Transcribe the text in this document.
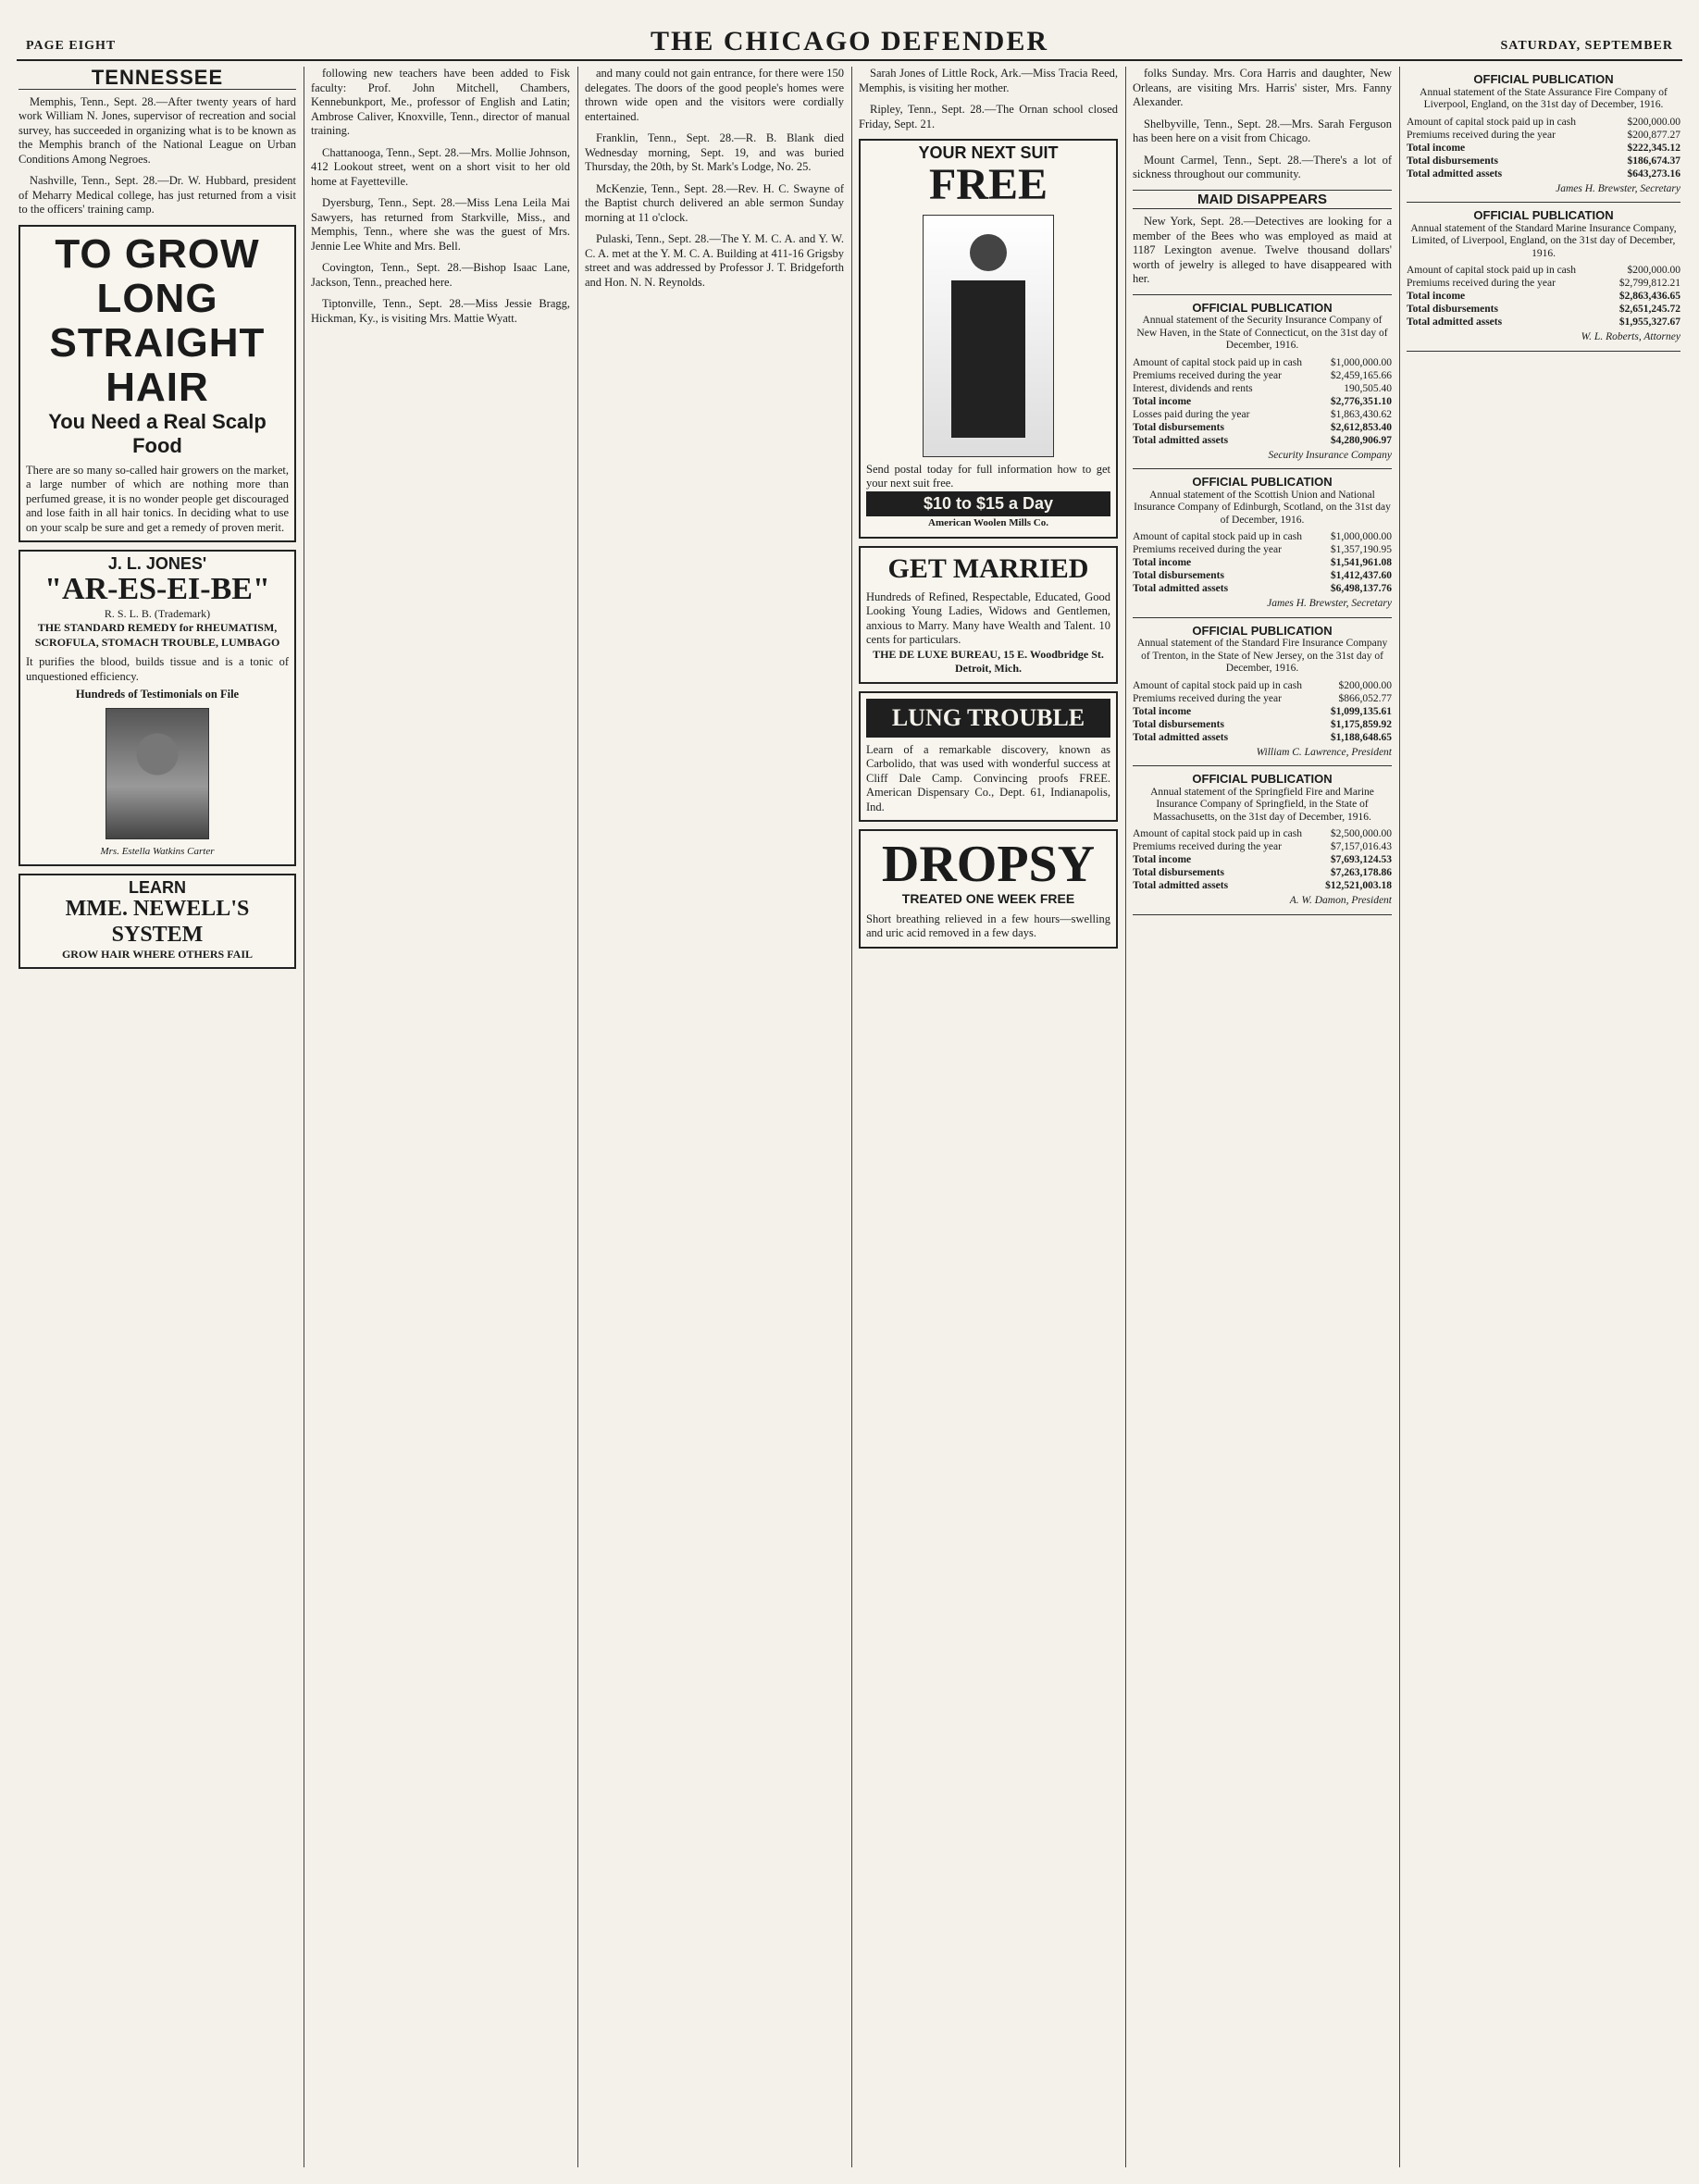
PAGE EIGHT	THE CHICAGO DEFENDER	SATURDAY, SEPTEMBER
TENNESSEE

Memphis, Tenn., Sept. 28.—After twenty years of hard work William N. Jones, supervisor of recreation and social survey, has succeeded in organizing what is to be known as the Memphis branch of the National League on Urban Conditions Among Negroes.

Nashville, Tenn., Sept. 28.—Dr. W. Hubbard, president of Meharry Medical college, has just returned from a visit to the officers' training camp.

TO GROW LONG
STRAIGHT HAIR
You Need a Real Scalp Food
There are so many so-called hair growers on the market, a large number of which are nothing more than perfumed grease, it is no wonder people get discouraged and lose faith in all hair tonics. In deciding what to use on your scalp be sure and get a remedy of proven merit.
J. L. JONES'
"AR-ES-EI-BE"
R. S. L. B. (Trademark)
THE STANDARD REMEDY for RHEUMATISM,
SCROFULA, STOMACH TROUBLE, LUMBAGO
It purifies the blood, builds tissue and is a tonic of unquestioned efficiency.
Hundreds of Testimonials on File
Mrs. Estella Watkins Carter
LEARN
MME. NEWELL'S SYSTEM
GROW HAIR WHERE OTHERS FAIL

following new teachers have been added to Fisk faculty: Prof. John Mitchell, Chambers, Kennebunkport, Me., professor of English and Latin; Ambrose Caliver, Knoxville, Tenn., director of manual training.

Chattanooga, Tenn., Sept. 28.—Mrs. Mollie Johnson, 412 Lookout street, went on a short visit to her old home at Fayetteville.

Dyersburg, Tenn., Sept. 28.—Miss Lena Leila Mai Sawyers, has returned from Starkville, Miss., and Memphis, Tenn., where she was the guest of Mrs. Jennie Lee White and Mrs. Bell.

Covington, Tenn., Sept. 28.—Bishop Isaac Lane, Jackson, Tenn., preached here.

Tiptonville, Tenn., Sept. 28.—Miss Jessie Bragg, Hickman, Ky., is visiting Mrs. Mattie Wyatt.

and many could not gain entrance, for there were 150 delegates. The doors of the good people's homes were thrown wide open and the visitors were cordially entertained.

Franklin, Tenn., Sept. 28.—R. B. Blank died Wednesday morning, Sept. 19, and was buried Thursday, the 20th, by St. Mark's Lodge, No. 25.

McKenzie, Tenn., Sept. 28.—Rev. H. C. Swayne of the Baptist church delivered an able sermon Sunday morning at 11 o'clock.

Pulaski, Tenn., Sept. 28.—The Y. M. C. A. and Y. W. C. A. met at the Y. M. C. A. Building at 411-16 Grigsby street and was addressed by Professor J. T. Bridgeforth and Hon. N. N. Reynolds.

Sarah Jones of Little Rock, Ark.—Miss Tracia Reed, Memphis, is visiting her mother.

Ripley, Tenn., Sept. 28.—The Ornan school closed Friday, Sept. 21.

YOUR NEXT SUIT
FREE
Send postal today for full information how to get your next suit free.
$10 to $15 a Day
American Woolen Mills Co.
GET MARRIED
Hundreds of Refined, Respectable, Educated, Good Looking Young Ladies, Widows and Gentlemen, anxious to Marry. Many have Wealth and Talent. 10 cents for particulars.
THE DE LUXE BUREAU, 15 E. Woodbridge St. Detroit, Mich.
LUNG TROUBLE
Learn of a remarkable discovery, known as Carbolido, that was used with wonderful success at Cliff Dale Camp. Convincing proofs FREE. American Dispensary Co., Dept. 61, Indianapolis, Ind.
DROPSY
TREATED ONE WEEK FREE
Short breathing relieved in a few hours—swelling and uric acid removed in a few days.

folks Sunday. Mrs. Cora Harris and daughter, New Orleans, are visiting Mrs. Harris' sister, Mrs. Fanny Alexander.

Shelbyville, Tenn., Sept. 28.—Mrs. Sarah Ferguson has been here on a visit from Chicago.

Mount Carmel, Tenn., Sept. 28.—There's a lot of sickness throughout our community.

MAID DISAPPEARS

New York, Sept. 28.—Detectives are looking for a member of the Bees who was employed as maid at 1187 Lexington avenue. Twelve thousand dollars' worth of jewelry is alleged to have disappeared with her.

OFFICIAL PUBLICATION
Annual statement of the Security Insurance Company of New Haven, in the State of Connecticut, on the 31st day of December, 1916.
Amount of capital stock paid up in cash	$1,000,000.00
Premiums received during the year	$2,459,165.66
Interest, dividends and rents	190,505.40
Total income	$2,776,351.10
Losses paid during the year	$1,863,430.62
Total disbursements	$2,612,853.40
Total admitted assets	$4,280,906.97
Security Insurance Company
OFFICIAL PUBLICATION
Annual statement of the Scottish Union and National Insurance Company of Edinburgh, Scotland, on the 31st day of December, 1916.
Amount of capital stock paid up in cash	$1,000,000.00
Premiums received during the year	$1,357,190.95
Total income	$1,541,961.08
Total disbursements	$1,412,437.60
Total admitted assets	$6,498,137.76
James H. Brewster, Secretary
OFFICIAL PUBLICATION
Annual statement of the Standard Fire Insurance Company of Trenton, in the State of New Jersey, on the 31st day of December, 1916.
Amount of capital stock paid up in cash	$200,000.00
Premiums received during the year	$866,052.77
Total income	$1,099,135.61
Total disbursements	$1,175,859.92
Total admitted assets	$1,188,648.65
William C. Lawrence, President
OFFICIAL PUBLICATION
Annual statement of the Springfield Fire and Marine Insurance Company of Springfield, in the State of Massachusetts, on the 31st day of December, 1916.
Amount of capital stock paid up in cash	$2,500,000.00
Premiums received during the year	$7,157,016.43
Total income	$7,693,124.53
Total disbursements	$7,263,178.86
Total admitted assets	$12,521,003.18
A. W. Damon, President
OFFICIAL PUBLICATION
Annual statement of the State Assurance Fire Company of Liverpool, England, on the 31st day of December, 1916.
Amount of capital stock paid up in cash	$200,000.00
Premiums received during the year	$200,877.27
Total income	$222,345.12
Total disbursements	$186,674.37
Total admitted assets	$643,273.16
James H. Brewster, Secretary
OFFICIAL PUBLICATION
Annual statement of the Standard Marine Insurance Company, Limited, of Liverpool, England, on the 31st day of December, 1916.
Amount of capital stock paid up in cash	$200,000.00
Premiums received during the year	$2,799,812.21
Total income	$2,863,436.65
Total disbursements	$2,651,245.72
Total admitted assets	$1,955,327.67
W. L. Roberts, Attorney
